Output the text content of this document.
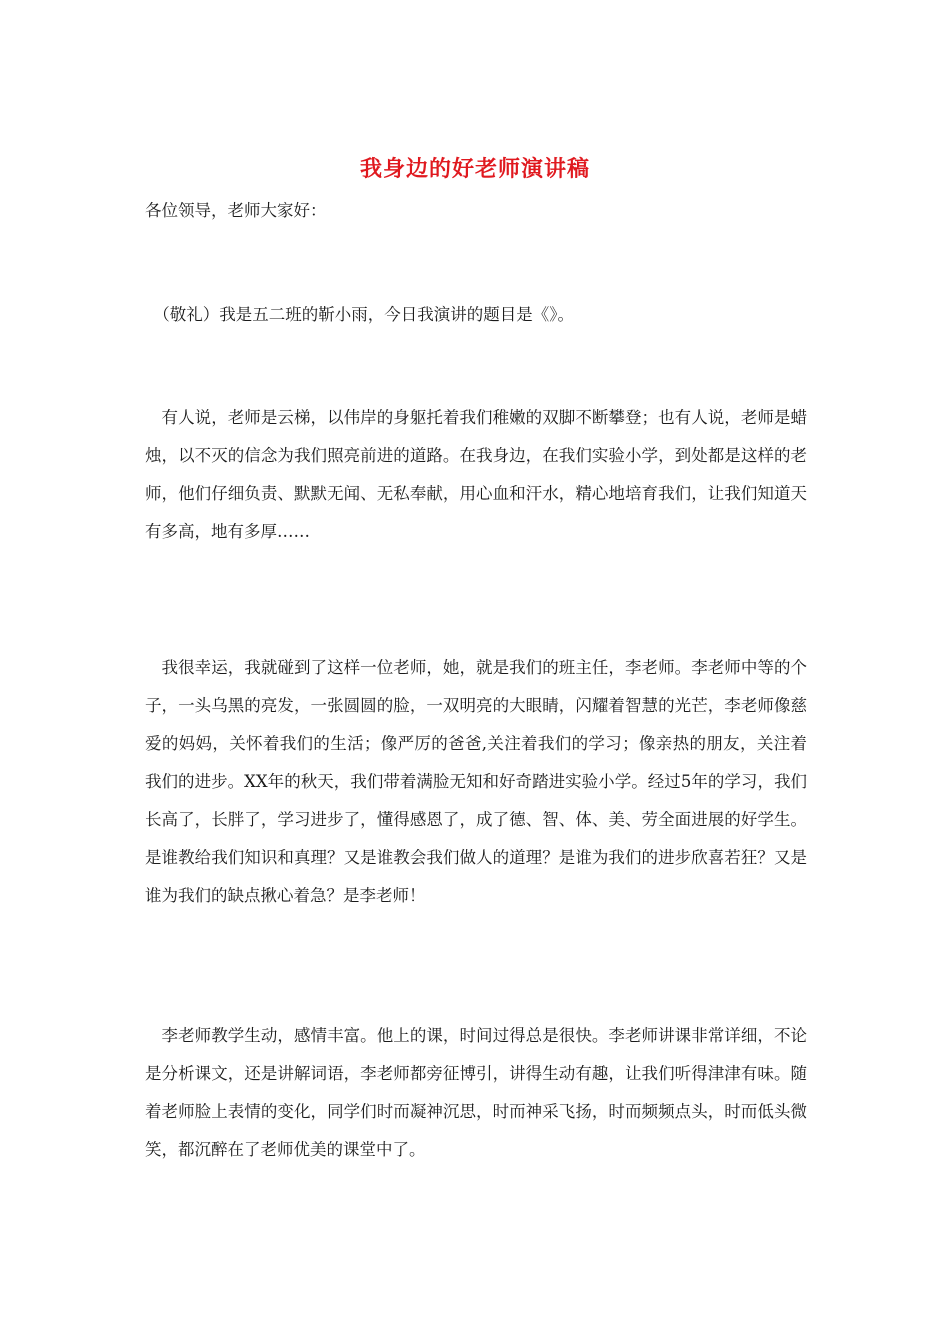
我身边的好老师演讲稿

各位领导，老师大家好：

　（敬礼）我是五二班的靳小雨，今日我演讲的题目是《》。

　有人说，老师是云梯，以伟岸的身躯托着我们稚嫩的双脚不断攀登；也有人说，老师是蜡烛，以不灭的信念为我们照亮前进的道路。在我身边，在我们实验小学，到处都是这样的老师，他们仔细负责、默默无闻、无私奉献，用心血和汗水，精心地培育我们，让我们知道天有多高，地有多厚……

　我很幸运，我就碰到了这样一位老师，她，就是我们的班主任，李老师。李老师中等的个子，一头乌黑的亮发，一张圆圆的脸，一双明亮的大眼睛，闪耀着智慧的光芒，李老师像慈爱的妈妈，关怀着我们的生活；像严厉的爸爸,关注着我们的学习；像亲热的朋友，关注着我们的进步。XX年的秋天，我们带着满脸无知和好奇踏进实验小学。经过5年的学习，我们长高了，长胖了，学习进步了，懂得感恩了，成了德、智、体、美、劳全面进展的好学生。是谁教给我们知识和真理？又是谁教会我们做人的道理？是谁为我们的进步欣喜若狂？又是谁为我们的缺点揪心着急？是李老师！

　李老师教学生动，感情丰富。他上的课，时间过得总是很快。李老师讲课非常详细，不论是分析课文，还是讲解词语，李老师都旁征博引，讲得生动有趣，让我们听得津津有味。随着老师脸上表情的变化，同学们时而凝神沉思，时而神采飞扬，时而频频点头，时而低头微笑，都沉醉在了老师优美的课堂中了。
